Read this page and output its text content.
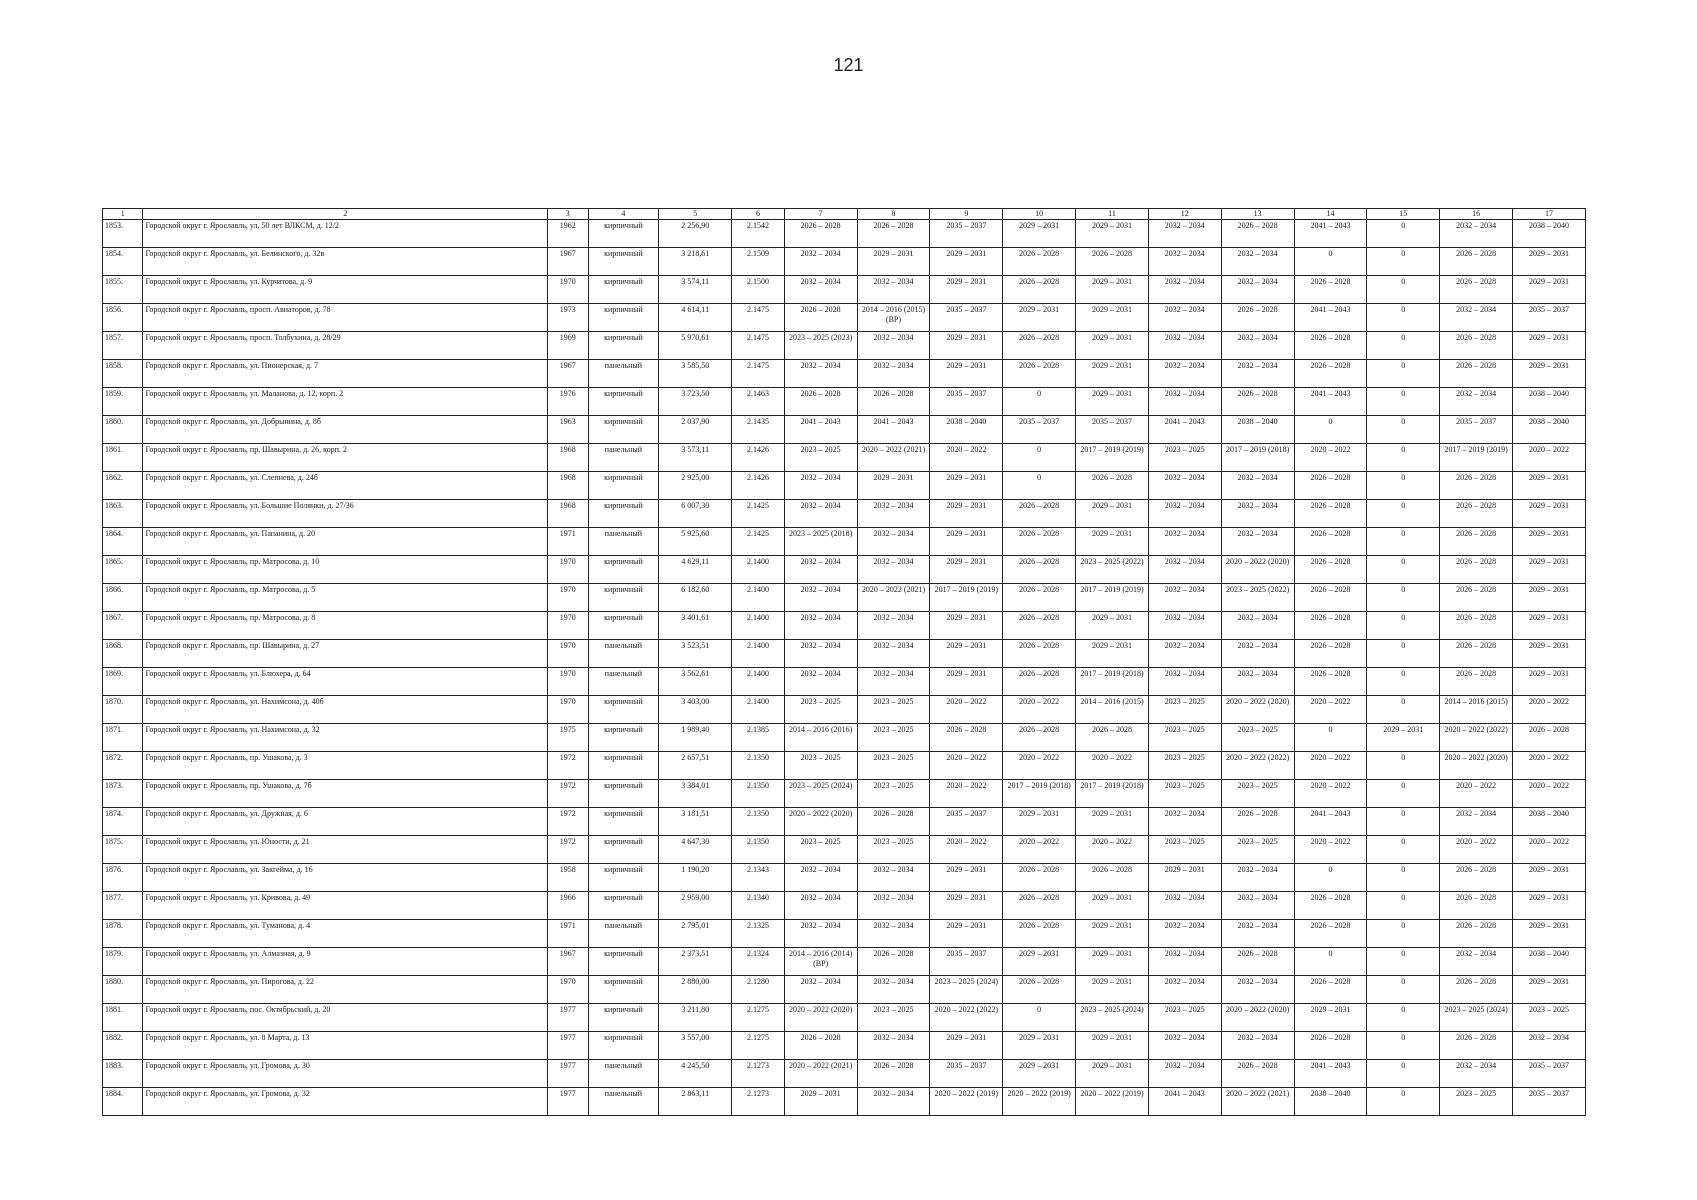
121
1	2	3	4	5	6	7	8	9	10	11	12	13	14	15	16	17
1853.	Городской округ г. Ярославль, ул. 50 лет ВЛКСМ, д. 12/2	1962	кирпичный	2 256,90	2.1542	2026 – 2028	2026 – 2028	2035 – 2037	2029 – 2031	2029 – 2031	2032 – 2034	2026 – 2028	2041 – 2043	0	2032 – 2034	2038 – 2040
1854.	Городской округ г. Ярославль, ул. Белинского, д. 32в	1967	кирпичный	3 218,61	2.1509	2032 – 2034	2029 – 2031	2029 – 2031	2026 – 2028	2026 – 2028	2032 – 2034	2032 – 2034	0	0	2026 – 2028	2029 – 2031
1855.	Городской округ г. Ярославль, ул. Курчатова, д. 9	1970	кирпичный	3 574,11	2.1500	2032 – 2034	2032 – 2034	2029 – 2031	2026 – 2028	2029 – 2031	2032 – 2034	2032 – 2034	2026 – 2028	0	2026 – 2028	2029 – 2031
1856.	Городской округ г. Ярославль, просп. Авиаторов, д. 78	1973	кирпичный	4 614,11	2.1475	2026 – 2028	2014 – 2016 (2015) (ВР)	2035 – 2037	2029 – 2031	2029 – 2031	2032 – 2034	2026 – 2028	2041 – 2043	0	2032 – 2034	2035 – 2037
1857.	Городской округ г. Ярославль, просп. Толбухина, д. 28/29	1969	кирпичный	5 970,61	2.1475	2023 – 2025 (2023)	2032 – 2034	2029 – 2031	2026 – 2028	2029 – 2031	2032 – 2034	2032 – 2034	2026 – 2028	0	2026 – 2028	2029 – 2031
1858.	Городской округ г. Ярославль, ул. Пионерская, д. 7	1967	панельный	3 585,50	2.1475	2032 – 2034	2032 – 2034	2029 – 2031	2026 – 2028	2029 – 2031	2032 – 2034	2032 – 2034	2026 – 2028	0	2026 – 2028	2029 – 2031
1859.	Городской округ г. Ярославль, ул. Маланова, д. 12, корп. 2	1976	кирпичный	3 723,50	2.1463	2026 – 2028	2026 – 2028	2035 – 2037	0	2029 – 2031	2032 – 2034	2026 – 2028	2041 – 2043	0	2032 – 2034	2038 – 2040
1860.	Городской округ г. Ярославль, ул. Добрынина, д. 8б	1963	кирпичный	2 037,90	2.1435	2041 – 2043	2041 – 2043	2038 – 2040	2035 – 2037	2035 – 2037	2041 – 2043	2038 – 2040	0	0	2035 – 2037	2038 – 2040
1861.	Городской округ г. Ярославль, пр. Шавырина, д. 26, корп. 2	1968	панельный	3 573,11	2.1426	2023 – 2025	2020 – 2022 (2021)	2020 – 2022	0	2017 – 2019 (2019)	2023 – 2025	2017 – 2019 (2018)	2020 – 2022	0	2017 – 2019 (2019)	2020 – 2022
1862.	Городской округ г. Ярославль, ул. Слепнева, д. 24б	1968	кирпичный	2 925,00	2.1426	2032 – 2034	2029 – 2031	2029 – 2031	0	2026 – 2028	2032 – 2034	2032 – 2034	2026 – 2028	0	2026 – 2028	2029 – 2031
1863.	Городской округ г. Ярославль, ул. Большие Полянки, д. 27/36	1968	кирпичный	6 007,30	2.1425	2032 – 2034	2032 – 2034	2029 – 2031	2026 – 2028	2029 – 2031	2032 – 2034	2032 – 2034	2026 – 2028	0	2026 – 2028	2029 – 2031
1864.	Городской округ г. Ярославль, ул. Папанина, д. 20	1971	панельный	5 925,60	2.1425	2023 – 2025 (2018)	2032 – 2034	2029 – 2031	2026 – 2028	2029 – 2031	2032 – 2034	2032 – 2034	2026 – 2028	0	2026 – 2028	2029 – 2031
1865.	Городской округ г. Ярославль, пр. Матросова, д. 10	1970	кирпичный	4 629,11	2.1400	2032 – 2034	2032 – 2034	2029 – 2031	2026 – 2028	2023 – 2025 (2022)	2032 – 2034	2020 – 2022 (2020)	2026 – 2028	0	2026 – 2028	2029 – 2031
1866.	Городской округ г. Ярославль, пр. Матросова, д. 5	1970	кирпичный	6 182,60	2.1400	2032 – 2034	2020 – 2022 (2021)	2017 – 2019 (2019)	2026 – 2028	2017 – 2019 (2019)	2032 – 2034	2023 – 2025 (2022)	2026 – 2028	0	2026 – 2028	2029 – 2031
1867.	Городской округ г. Ярославль, пр. Матросова, д. 8	1970	кирпичный	3 401,61	2.1400	2032 – 2034	2032 – 2034	2029 – 2031	2026 – 2028	2029 – 2031	2032 – 2034	2032 – 2034	2026 – 2028	0	2026 – 2028	2029 – 2031
1868.	Городской округ г. Ярославль, пр. Шавырина, д. 27	1970	панельный	3 523,51	2.1400	2032 – 2034	2032 – 2034	2029 – 2031	2026 – 2028	2029 – 2031	2032 – 2034	2032 – 2034	2026 – 2028	0	2026 – 2028	2029 – 2031
1869.	Городской округ г. Ярославль, ул. Блюхера, д. 64	1970	панельный	3 562,61	2.1400	2032 – 2034	2032 – 2034	2029 – 2031	2026 – 2028	2017 – 2019 (2018)	2032 – 2034	2032 – 2034	2026 – 2028	0	2026 – 2028	2029 – 2031
1870.	Городской округ г. Ярославль, ул. Нахимсона, д. 40б	1970	кирпичный	3 403,00	2.1400	2023 – 2025	2023 – 2025	2020 – 2022	2020 – 2022	2014 – 2016 (2015)	2023 – 2025	2020 – 2022 (2020)	2020 – 2022	0	2014 – 2016 (2015)	2020 – 2022
1871.	Городской округ г. Ярославль, ул. Нахимсона, д. 32	1975	кирпичный	1 989,40	2.1385	2014 – 2016 (2016)	2023 – 2025	2026 – 2028	2026 – 2028	2026 – 2028	2023 – 2025	2023 – 2025	0	2029 – 2031	2020 – 2022 (2022)	2026 – 2028
1872.	Городской округ г. Ярославль, пр. Ушакова, д. 3	1972	кирпичный	2 657,51	2.1350	2023 – 2025	2023 – 2025	2020 – 2022	2020 – 2022	2020 – 2022	2023 – 2025	2020 – 2022 (2022)	2020 – 2022	0	2020 – 2022 (2020)	2020 – 2022
1873.	Городской округ г. Ярославль, пр. Ушакова, д. 7б	1972	кирпичный	3 384,01	2.1350	2023 – 2025 (2024)	2023 – 2025	2020 – 2022	2017 – 2019 (2018)	2017 – 2019 (2018)	2023 – 2025	2023 – 2025	2020 – 2022	0	2020 – 2022	2020 – 2022
1874.	Городской округ г. Ярославль, ул. Дружная, д. 6	1972	кирпичный	3 181,51	2.1350	2020 – 2022 (2020)	2026 – 2028	2035 – 2037	2029 – 2031	2029 – 2031	2032 – 2034	2026 – 2028	2041 – 2043	0	2032 – 2034	2038 – 2040
1875.	Городской округ г. Ярославль, ул. Юности, д. 21	1972	кирпичный	4 647,30	2.1350	2023 – 2025	2023 – 2025	2020 – 2022	2020 – 2022	2020 – 2022	2023 – 2025	2023 – 2025	2020 – 2022	0	2020 – 2022	2020 – 2022
1876.	Городской округ г. Ярославль, ул. Закгейма, д. 16	1958	кирпичный	1 190,20	2.1343	2032 – 2034	2032 – 2034	2029 – 2031	2026 – 2028	2026 – 2028	2029 – 2031	2032 – 2034	0	0	2026 – 2028	2029 – 2031
1877.	Городской округ г. Ярославль, ул. Кривова, д. 49	1966	кирпичный	2 959,00	2.1340	2032 – 2034	2032 – 2034	2029 – 2031	2026 – 2028	2029 – 2031	2032 – 2034	2032 – 2034	2026 – 2028	0	2026 – 2028	2029 – 2031
1878.	Городской округ г. Ярославль, ул. Туманова, д. 4	1971	панельный	2 795,01	2.1325	2032 – 2034	2032 – 2034	2029 – 2031	2026 – 2028	2029 – 2031	2032 – 2034	2032 – 2034	2026 – 2028	0	2026 – 2028	2029 – 2031
1879.	Городской округ г. Ярославль, ул. Алмазная, д. 9	1967	кирпичный	2 373,51	2.1324	2014 – 2016 (2014) (ВР)	2026 – 2028	2035 – 2037	2029 – 2031	2029 – 2031	2032 – 2034	2026 – 2028	0	0	2032 – 2034	2038 – 2040
1880.	Городской округ г. Ярославль, ул. Пирогова, д. 22	1970	кирпичный	2 880,00	2.1280	2032 – 2034	2032 – 2034	2023 – 2025 (2024)	2026 – 2028	2029 – 2031	2032 – 2034	2032 – 2034	2026 – 2028	0	2026 – 2028	2029 – 2031
1881.	Городской округ г. Ярославль, пос. Октябрьский, д. 20	1977	кирпичный	3 211,80	2.1275	2020 – 2022 (2020)	2023 – 2025	2020 – 2022 (2022)	0	2023 – 2025 (2024)	2023 – 2025	2020 – 2022 (2020)	2029 – 2031	0	2023 – 2025 (2024)	2023 – 2025
1882.	Городской округ г. Ярославль, ул. 8 Марта, д. 13	1977	кирпичный	3 557,00	2.1275	2026 – 2028	2032 – 2034	2029 – 2031	2029 – 2031	2029 – 2031	2032 – 2034	2032 – 2034	2026 – 2028	0	2026 – 2028	2032 – 2034
1883.	Городской округ г. Ярославль, ул. Громова, д. 30	1977	панельный	4 245,50	2.1273	2020 – 2022 (2021)	2026 – 2028	2035 – 2037	2029 – 2031	2029 – 2031	2032 – 2034	2026 – 2028	2041 – 2043	0	2032 – 2034	2035 – 2037
1884.	Городской округ г. Ярославль, ул. Громова, д. 32	1977	панельный	2 863,11	2.1273	2029 – 2031	2032 – 2034	2020 – 2022 (2019)	2020 – 2022 (2019)	2020 – 2022 (2019)	2041 – 2043	2020 – 2022 (2021)	2038 – 2040	0	2023 – 2025	2035 – 2037
